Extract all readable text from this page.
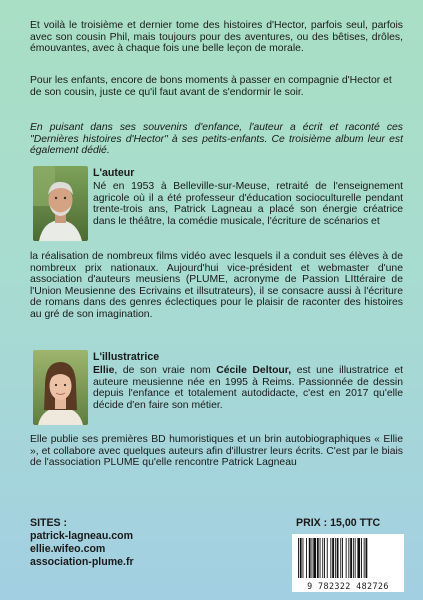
Et voilà le troisième et dernier tome des histoires d'Hector, parfois seul, parfois avec son cousin Phil, mais toujours pour des aventures, ou des bêtises, drôles, émouvantes, avec à chaque fois une belle leçon de morale.
Pour les enfants, encore de bons moments à passer en compagnie d'Hector et de son cousin, juste ce qu'il faut avant de s'endormir le soir.
En puisant dans ses souvenirs d'enfance, l'auteur a écrit et raconté ces "Dernières histoires d'Hector" à ses petits-enfants. Ce troisième album leur est également dédié.
L'auteur
Né en 1953 à Belleville-sur-Meuse, retraité de l'enseignement agricole où il a été professeur d'éducation socioculturelle pendant trente-trois ans, Patrick Lagneau a placé son énergie créatrice dans le théâtre, la comédie musicale, l'écriture de scénarios et
la réalisation de nombreux films vidéo avec lesquels il a conduit ses élèves à de nombreux prix nationaux. Aujourd'hui vice-président et webmaster d'une association d'auteurs meusiens (PLUME, acronyme de Passion LIttéraire de l'Union Meusienne des Ecrivains et illsutrateurs), il se consacre aussi à l'écriture de romans dans des genres éclectiques pour le plaisir de raconter des histoires au gré de son imagination.
L'illustratrice
Ellie, de son vraie nom Cécile Deltour, est une illustratrice et auteure meusienne née en 1995 à Reims. Passionnée de dessin depuis l'enfance et totalement autodidacte, c'est en 2017 qu'elle décide d'en faire son métier.
Elle publie ses premières BD humoristiques et un brin autobiographiques « Ellie », et collabore avec quelques auteurs afin d'illustrer leurs écrits. C'est par le biais de l'association PLUME qu'elle rencontre Patrick Lagneau
SITES :
patrick-lagneau.com
ellie.wifeo.com
association-plume.fr
PRIX : 15,00 TTC
9 782322 482726
